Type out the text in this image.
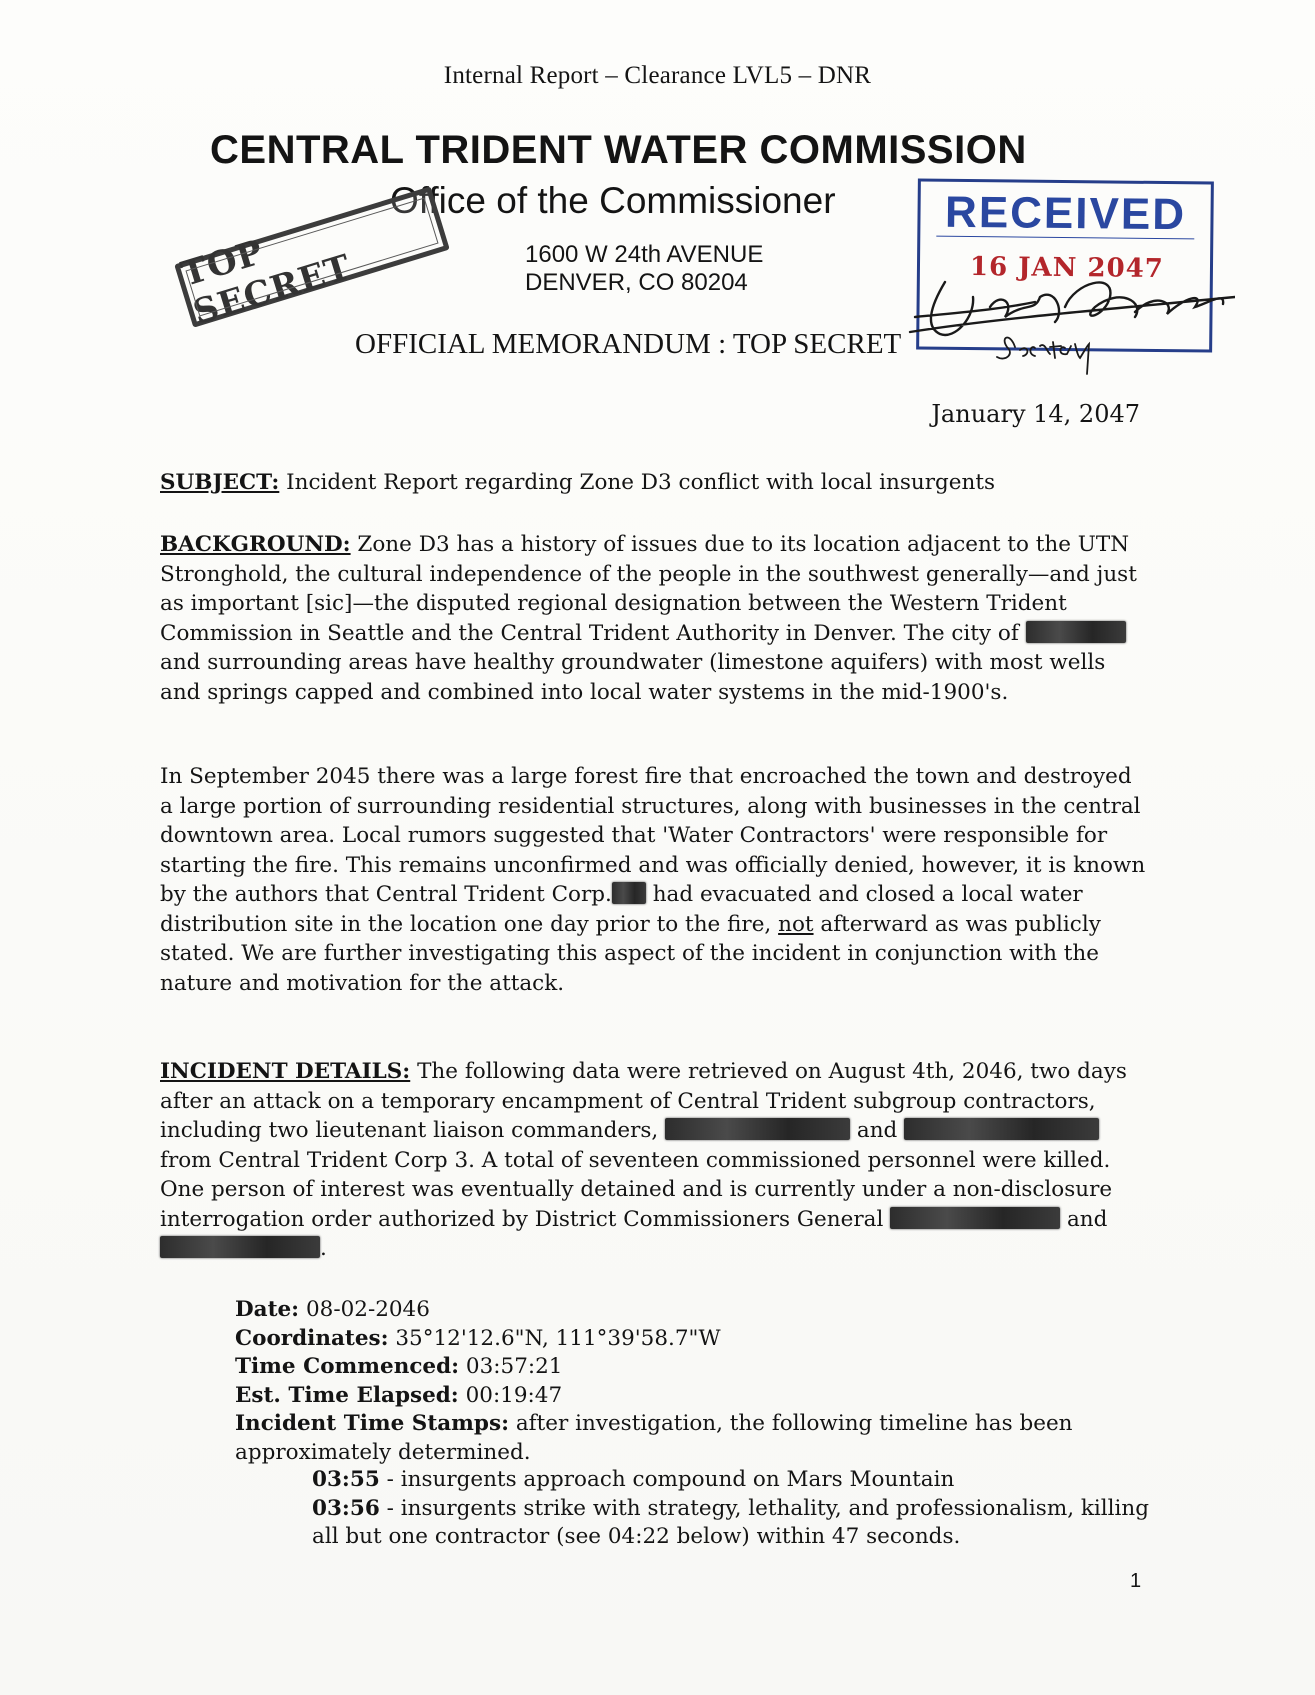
Internal Report – Clearance LVL5 – DNR
CENTRAL TRIDENT WATER COMMISSION
Office of the Commissioner
1600 W 24th AVENUE
DENVER, CO 80204
TOP SECRET
OFFICIAL MEMORANDUM : TOP SECRET
RECEIVED
16 JAN 2047
January 14, 2047

SUBJECT: Incident Report regarding Zone D3 conflict with local insurgents

BACKGROUND: Zone D3 has a history of issues due to its location adjacent to the UTN Stronghold, the cultural independence of the people in the southwest generally—and just as important [sic]—the disputed regional designation between the Western Trident Commission in Seattle and the Central Trident Authority in Denver. The city of  and surrounding areas have healthy groundwater (limestone aquifers) with most wells and springs capped and combined into local water systems in the mid-1900's.

In September 2045 there was a large forest fire that encroached the town and destroyed a large portion of surrounding residential structures, along with businesses in the central downtown area. Local rumors suggested that 'Water Contractors' were responsible for starting the fire. This remains unconfirmed and was officially denied, however, it is known by the authors that Central Trident Corp. had evacuated and closed a local water distribution site in the location one day prior to the fire, not afterward as was publicly stated. We are further investigating this aspect of the incident in conjunction with the nature and motivation for the attack.

INCIDENT DETAILS: The following data were retrieved on August 4th, 2046, two days after an attack on a temporary encampment of Central Trident subgroup contractors, including two lieutenant liaison commanders,	and  from Central Trident Corp 3. A total of seventeen commissioned personnel were killed. One person of interest was eventually detained and is currently under a non-disclosure interrogation order authorized by District Commissioners General	and .

Date: 08-02-2046
Coordinates: 35°12'12.6"N, 111°39'58.7"W
Time Commenced: 03:57:21
Est. Time Elapsed: 00:19:47
Incident Time Stamps: after investigation, the following timeline has been approximately determined.
03:55 - insurgents approach compound on Mars Mountain
03:56 - insurgents strike with strategy, lethality, and professionalism, killing all but one contractor (see 04:22 below) within 47 seconds.
1
